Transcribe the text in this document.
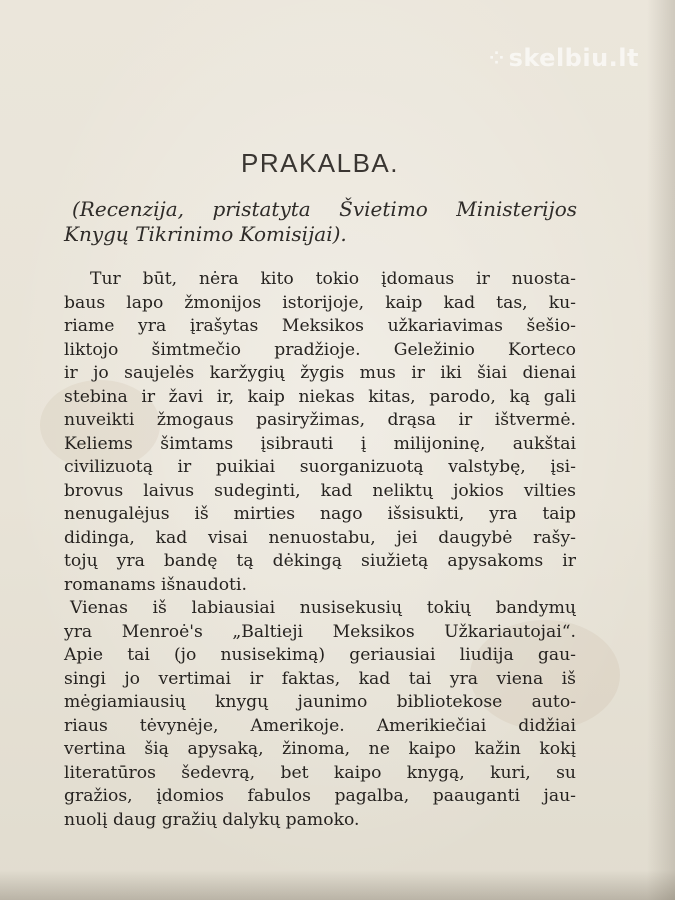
⁘ skelbiu.lt
PRAKALBA.
(Recenzija, pristatyta Švietimo Ministerijos
Knygų Tikrinimo Komisijai).
Tur būt, nėra kito tokio įdomaus ir nuosta-
baus lapo žmonijos istorijoje, kaip kad tas, ku-
riame yra įrašytas Meksikos užkariavimas šešio-
liktojo šimtmečio pradžioje. Geležinio Korteco
ir jo saujelės karžygių žygis mus ir iki šiai dienai
stebina ir žavi ir, kaip niekas kitas, parodo, ką gali
nuveikti žmogaus pasiryžimas, drąsa ir ištvermė.
Keliems šimtams įsibrauti į milijoninę, aukštai
civilizuotą ir puikiai suorganizuotą valstybę, įsi-
brovus laivus sudeginti, kad neliktų jokios vilties
nenugalėjus iš mirties nago išsisukti, yra taip
didinga, kad visai nenuostabu, jei daugybė rašy-
tojų yra bandę tą dėkingą siužietą apysakoms ir
romanams išnaudoti.
Vienas iš labiausiai nusisekusių tokių bandymų
yra Menroė's „Baltieji Meksikos Užkariautojai“.
Apie tai (jo nusisekimą) geriausiai liudija gau-
singi jo vertimai ir faktas, kad tai yra viena iš
mėgiamiausių knygų jaunimo bibliotekose auto-
riaus tėvynėje, Amerikoje. Amerikiečiai didžiai
vertina šią apysaką, žinoma, ne kaipo kažin kokį
literatūros šedevrą, bet kaipo knygą, kuri, su
gražios, įdomios fabulos pagalba, paauganti jau-
nuolį daug gražių dalykų pamoko.
